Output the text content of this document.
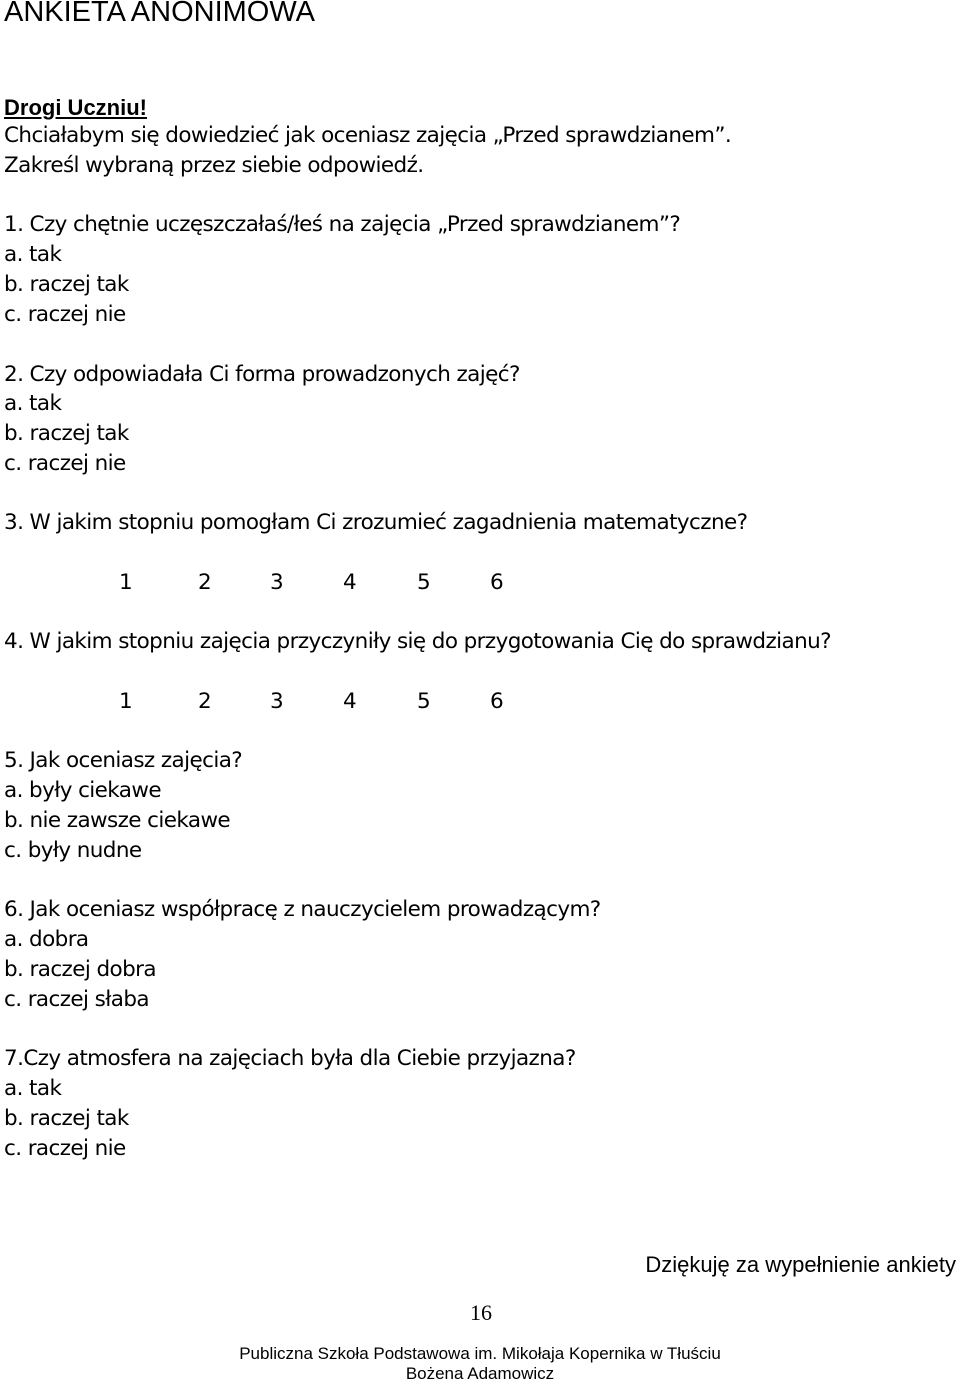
ANKIETA ANONIMOWA
Drogi Uczniu!
Chciałabym się dowiedzieć jak oceniasz zajęcia „Przed sprawdzianem”.
Zakreśl wybraną przez siebie odpowiedź.
1. Czy chętnie uczęszczałaś/łeś na zajęcia „Przed sprawdzianem”?
a. tak
b. raczej tak
c. raczej nie
2. Czy odpowiadała Ci forma prowadzonych zajęć?
a. tak
b. raczej tak
c. raczej nie
3. W jakim stopniu pomogłam Ci zrozumieć zagadnienia matematyczne?
1	2	3	4	5	6
4. W jakim stopniu zajęcia przyczyniły się do przygotowania Cię do sprawdzianu?
1	2	3	4	5	6
5. Jak oceniasz zajęcia?
a. były ciekawe
b. nie zawsze ciekawe
c. były nudne
6. Jak oceniasz współpracę z nauczycielem prowadzącym?
a. dobra
b. raczej dobra
c. raczej słaba
7.Czy atmosfera na zajęciach była dla Ciebie przyjazna?
a. tak
b. raczej tak
c. raczej nie
Dziękuję za wypełnienie ankiety
16
Publiczna Szkoła Podstawowa im. Mikołaja Kopernika w Tłuściu
Bożena Adamowicz
